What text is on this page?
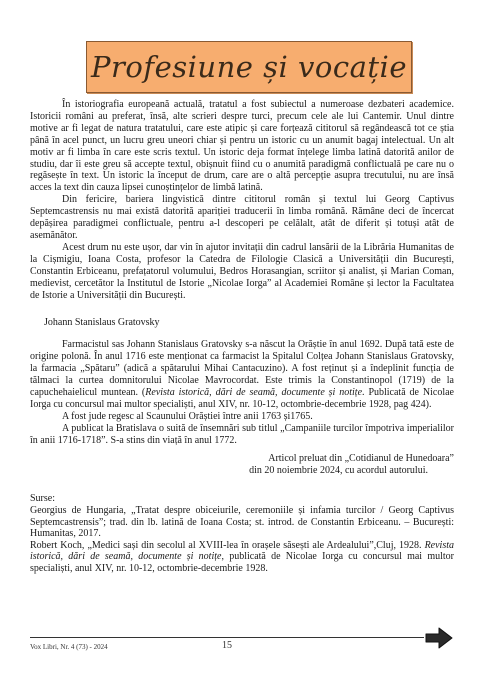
Profesiune și vocație

În istoriografia europeană actuală, tratatul a fost subiectul a numeroase dezbateri academice. Istoricii români au preferat, însă, alte scrieri despre turci, precum cele ale lui Cantemir. Unul dintre motive ar fi legat de natura tratatului, care este atipic și care forțează cititorul să regândească tot ce știa până în acel punct, un lucru greu uneori chiar și pentru un istoric cu un anumit bagaj intelectual. Un alt motiv ar fi limba în care este scris textul. Un istoric deja format înțelege limba latină datorită anilor de studiu, dar îi este greu să accepte textul, obișnuit fiind cu o anumită paradigmă conflictuală pe care nu o regăsește în text. Un istoric la început de drum, care are o altă percepție asupra trecutului, nu are însă acces la text din cauza lipsei cunoștințelor de limbă latină.

Din fericire, bariera lingvistică dintre cititorul român și textul lui Georg Captivus Septemcastrensis nu mai există datorită apariției traducerii în limba română. Rămâne deci de încercat depășirea paradigmei conflictuale, pentru a-l descoperi pe celălalt, atât de diferit și totuși atât de asemănător.

Acest drum nu este ușor, dar vin în ajutor invitații din cadrul lansării de la Librăria Humanitas de la Cișmigiu, Ioana Costa, profesor la Catedra de Filologie Clasică a Universității din București, Constantin Erbiceanu, prefațatorul volumului, Bedros Horasangian, scriitor și analist, și Marian Coman, medievist, cercetător la Institutul de Istorie „Nicolae Iorga” al Academiei Române și lector la Facultatea de Istorie a Universității din București.

Johann Stanislaus Gratovsky

Farmacistul sas Johann Stanislaus Gratovsky s-a născut la Orăștie în anul 1692. După tată este de origine polonă. În anul 1716 este menționat ca farmacist la Spitalul Colțea Johann Stanislaus Gratovsky, la farmacia „Spătaru” (adică a spătarului Mihai Cantacuzino). A fost reținut și a îndeplinit funcția de tălmaci la curtea domnitorului Nicolae Mavrocordat. Este trimis la Constantinopol (1719) de la capuchehaielicul muntean. (Revista istorică, dări de seamă, documente și notițe. Publicată de Nicolae Iorga cu concursul mai multor specialiști, anul XIV, nr. 10-12, octombrie-decembrie 1928, pag 424).

A fost jude regesc al Scaunului Orăștiei între anii 1763 și1765.

A publicat la Bratislava o suită de însemnări sub titlul „Campaniile turcilor împotriva imperialilor în anii 1716-1718”. S-a stins din viață în anul 1772.

Articol preluat din „Cotidianul de Hunedoara”
din 20 noiembrie 2024, cu acordul autorului.

Surse:

Georgius de Hungaria, „Tratat despre obiceiurile, ceremoniile și infamia turcilor / Georg Captivus Septemcastrensis”; trad. din lb. latină de Ioana Costa; st. introd. de Constantin Erbiceanu. – București: Humanitas, 2017.

Robert Koch, „Medici sași din secolul al XVIII-lea în orașele săsești ale Ardealului”,Cluj, 1928. Revista istorică, dări de seamă, documente și notițe, publicată de Nicolae Iorga cu concursul mai multor specialiști, anul XIV, nr. 10-12, octombrie-decembrie 1928.

Vox Libri, Nr. 4 (73) - 2024	15
